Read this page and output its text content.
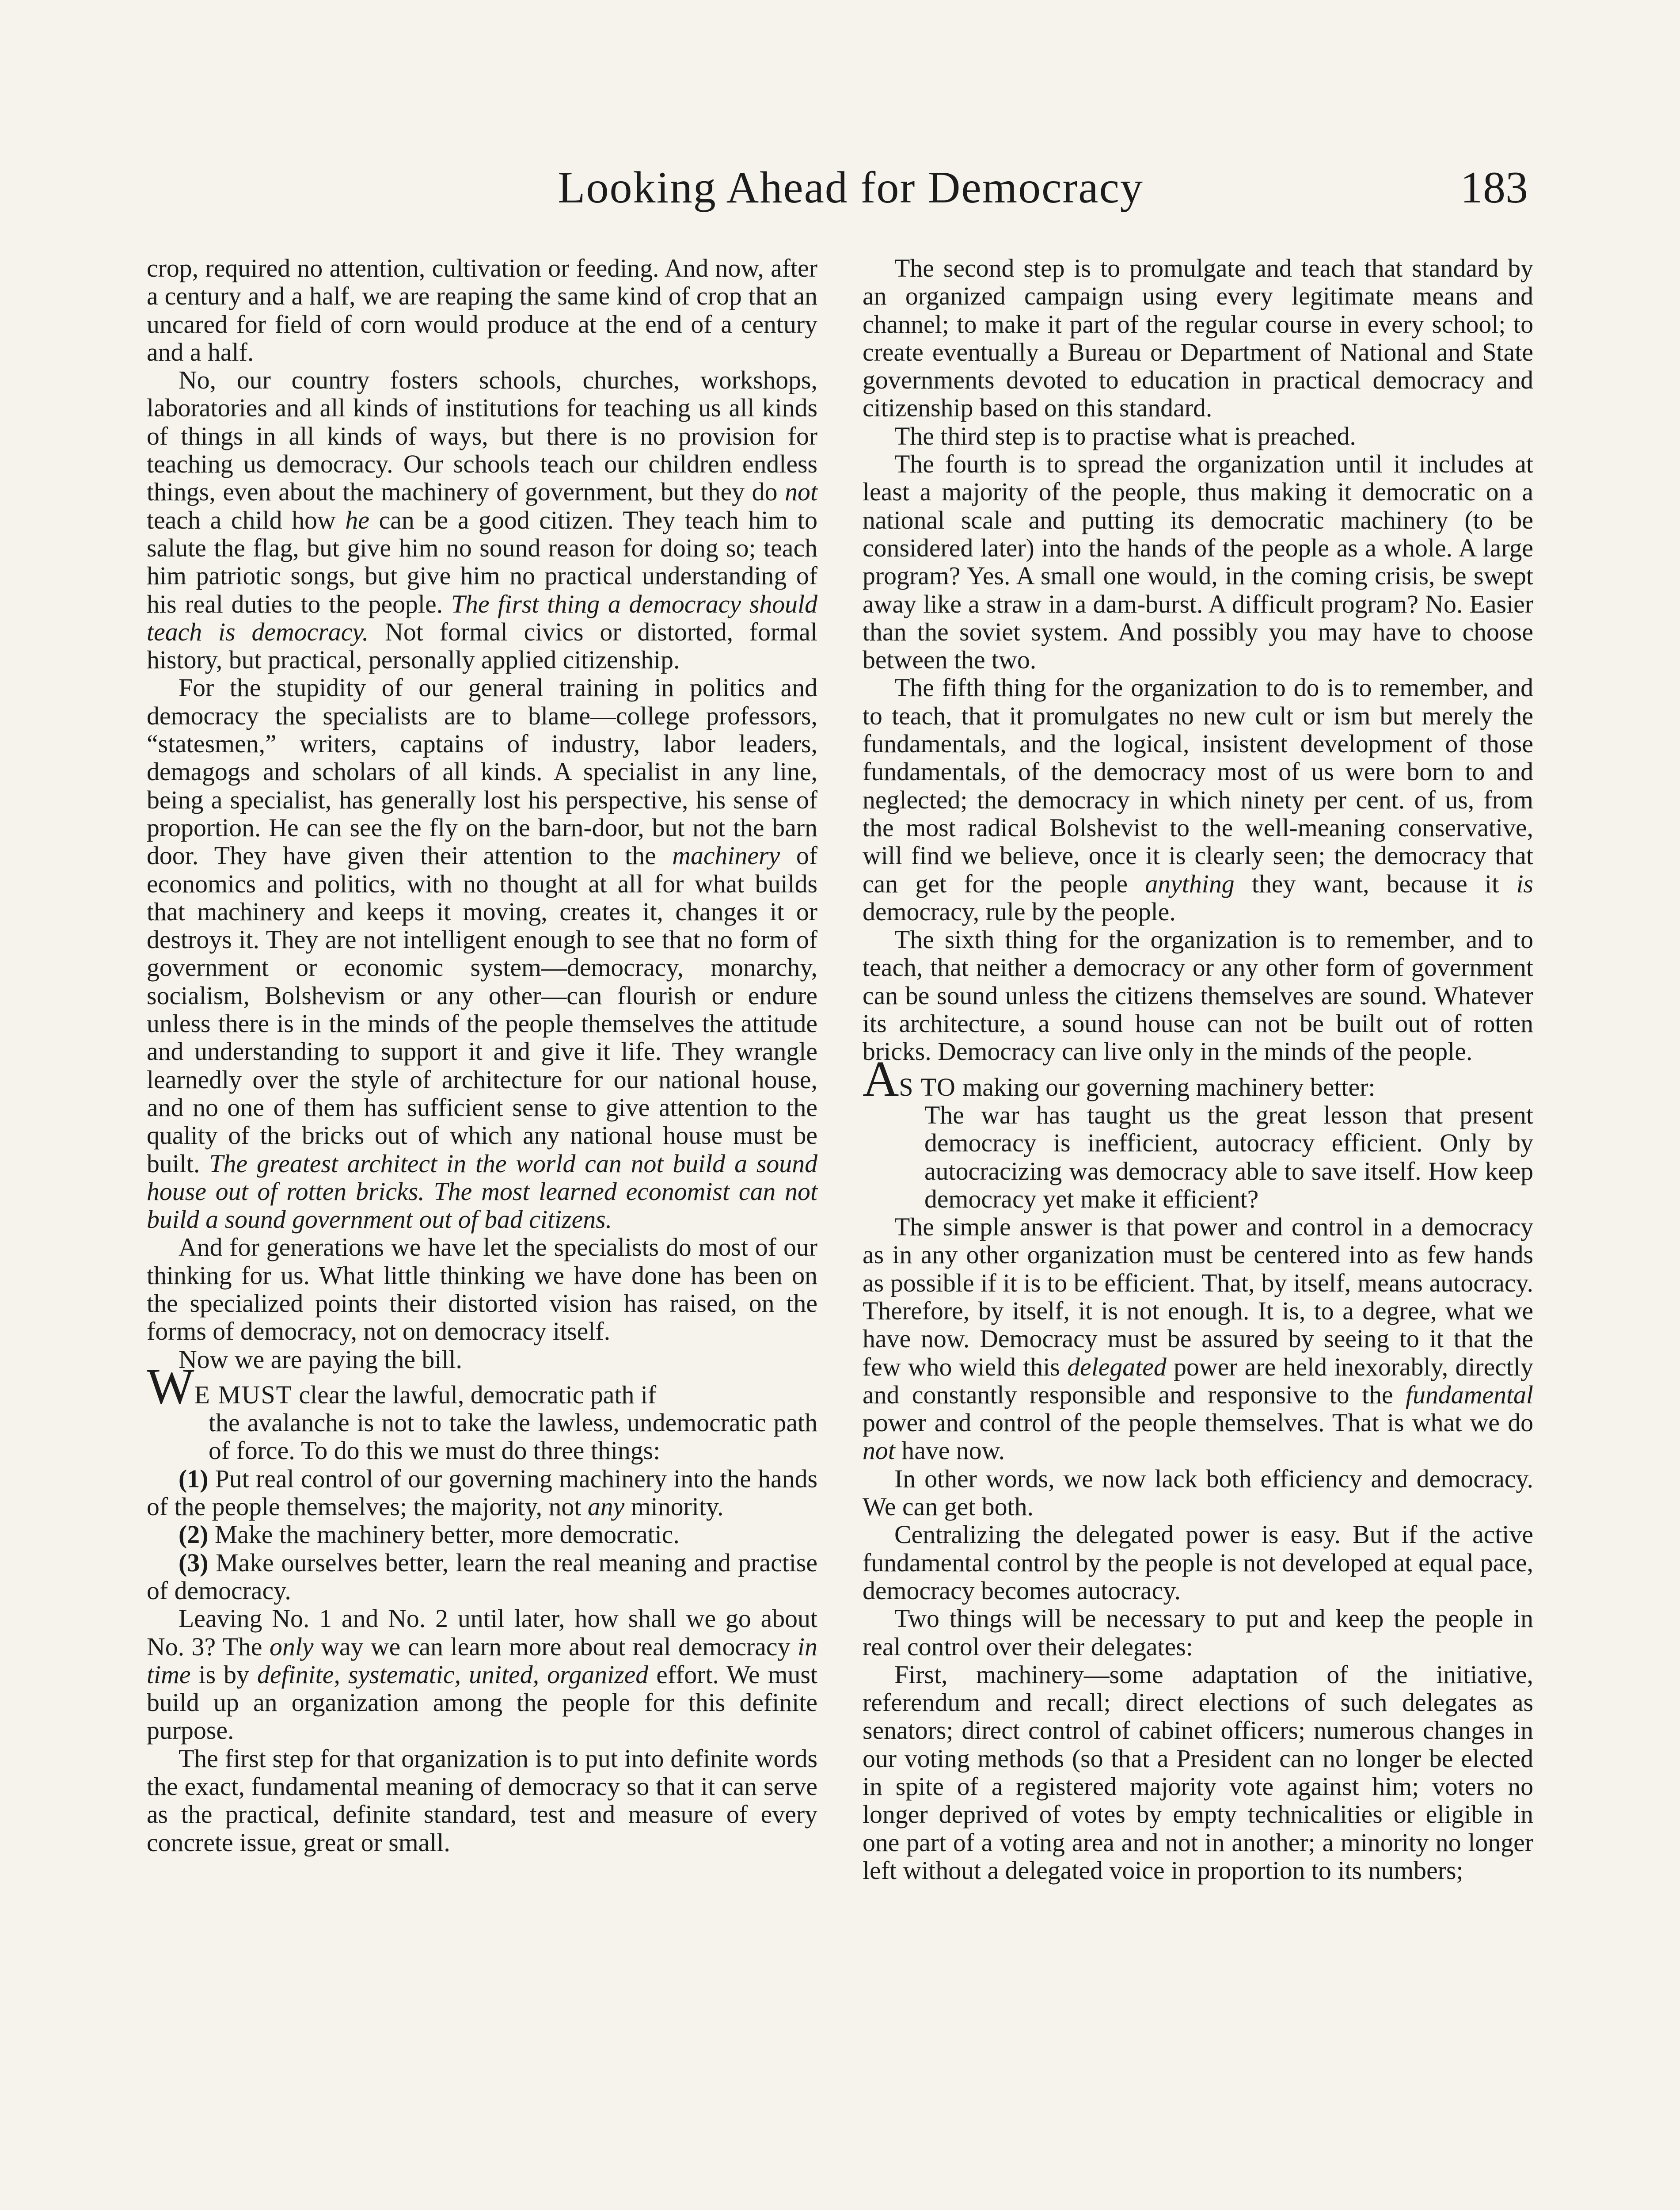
Looking Ahead for Democracy	183

crop, required no attention, cultivation or feeding. And now, after a century and a half, we are reaping the same kind of crop that an uncared for field of corn would produce at the end of a century and a half.

No, our country fosters schools, churches, workshops, laboratories and all kinds of institutions for teaching us all kinds of things in all kinds of ways, but there is no provision for teaching us democracy. Our schools teach our children endless things, even about the machinery of government, but they do not teach a child how he can be a good citizen. They teach him to salute the flag, but give him no sound reason for doing so; teach him patriotic songs, but give him no practical understanding of his real duties to the people. The first thing a democracy should teach is democracy. Not formal civics or distorted, formal history, but practical, personally applied citizenship.

For the stupidity of our general training in politics and democracy the specialists are to blame—college professors, “statesmen,” writers, captains of industry, labor leaders, demagogs and scholars of all kinds. A specialist in any line, being a specialist, has generally lost his perspective, his sense of proportion. He can see the fly on the barn-door, but not the barn door. They have given their attention to the machinery of economics and politics, with no thought at all for what builds that machinery and keeps it moving, creates it, changes it or destroys it. They are not intelligent enough to see that no form of government or economic system—democracy, monarchy, socialism, Bolshevism or any other—can flourish or endure unless there is in the minds of the people themselves the attitude and understanding to support it and give it life. They wrangle learnedly over the style of architecture for our national house, and no one of them has sufficient sense to give attention to the quality of the bricks out of which any national house must be built. The greatest architect in the world can not build a sound house out of rotten bricks. The most learned economist can not build a sound government out of bad citizens.

And for generations we have let the specialists do most of our thinking for us. What little thinking we have done has been on the specialized points their distorted vision has raised, on the forms of democracy, not on democracy itself.

Now we are paying the bill.

WE MUST clear the lawful, democratic path if
the avalanche is not to take the lawless, undemocratic path of force. To do this we must do three things:

(1) Put real control of our governing machinery into the hands of the people themselves; the majority, not any minority.

(2) Make the machinery better, more democratic.

(3) Make ourselves better, learn the real meaning and practise of democracy.

Leaving No. 1 and No. 2 until later, how shall we go about No. 3? The only way we can learn more about real democracy in time is by definite, systematic, united, organized effort. We must build up an organization among the people for this definite purpose.

The first step for that organization is to put into definite words the exact, fundamental meaning of democracy so that it can serve as the practical, definite standard, test and measure of every concrete issue, great or small.

The second step is to promulgate and teach that standard by an organized campaign using every legitimate means and channel; to make it part of the regular course in every school; to create eventually a Bureau or Department of National and State governments devoted to education in practical democracy and citizenship based on this standard.

The third step is to practise what is preached.

The fourth is to spread the organization until it includes at least a majority of the people, thus making it democratic on a national scale and putting its democratic machinery (to be considered later) into the hands of the people as a whole. A large program? Yes. A small one would, in the coming crisis, be swept away like a straw in a dam-burst. A difficult program? No. Easier than the soviet system. And possibly you may have to choose between the two.

The fifth thing for the organization to do is to remember, and to teach, that it promulgates no new cult or ism but merely the fundamentals, and the logical, insistent development of those fundamentals, of the democracy most of us were born to and neglected; the democracy in which ninety per cent. of us, from the most radical Bolshevist to the well-meaning conservative, will find we believe, once it is clearly seen; the democracy that can get for the people anything they want, because it is democracy, rule by the people.

The sixth thing for the organization is to remember, and to teach, that neither a democracy or any other form of government can be sound unless the citizens themselves are sound. Whatever its architecture, a sound house can not be built out of rotten bricks. Democracy can live only in the minds of the people.

AS TO making our governing machinery better:
The war has taught us the great lesson that present democracy is inefficient, autocracy efficient. Only by autocracizing was democracy able to save itself. How keep democracy yet make it efficient?

The simple answer is that power and control in a democracy as in any other organization must be centered into as few hands as possible if it is to be efficient. That, by itself, means autocracy. Therefore, by itself, it is not enough. It is, to a degree, what we have now. Democracy must be assured by seeing to it that the few who wield this delegated power are held inexorably, directly and constantly responsible and responsive to the fundamental power and control of the people themselves. That is what we do not have now.

In other words, we now lack both efficiency and democracy. We can get both.

Centralizing the delegated power is easy. But if the active fundamental control by the people is not developed at equal pace, democracy becomes autocracy.

Two things will be necessary to put and keep the people in real control over their delegates:

First, machinery—some adaptation of the initiative, referendum and recall; direct elections of such delegates as senators; direct control of cabinet officers; numerous changes in our voting methods (so that a President can no longer be elected in spite of a registered majority vote against him; voters no longer deprived of votes by empty technicalities or eligible in one part of a voting area and not in another; a minority no longer left without a delegated voice in proportion to its numbers;
